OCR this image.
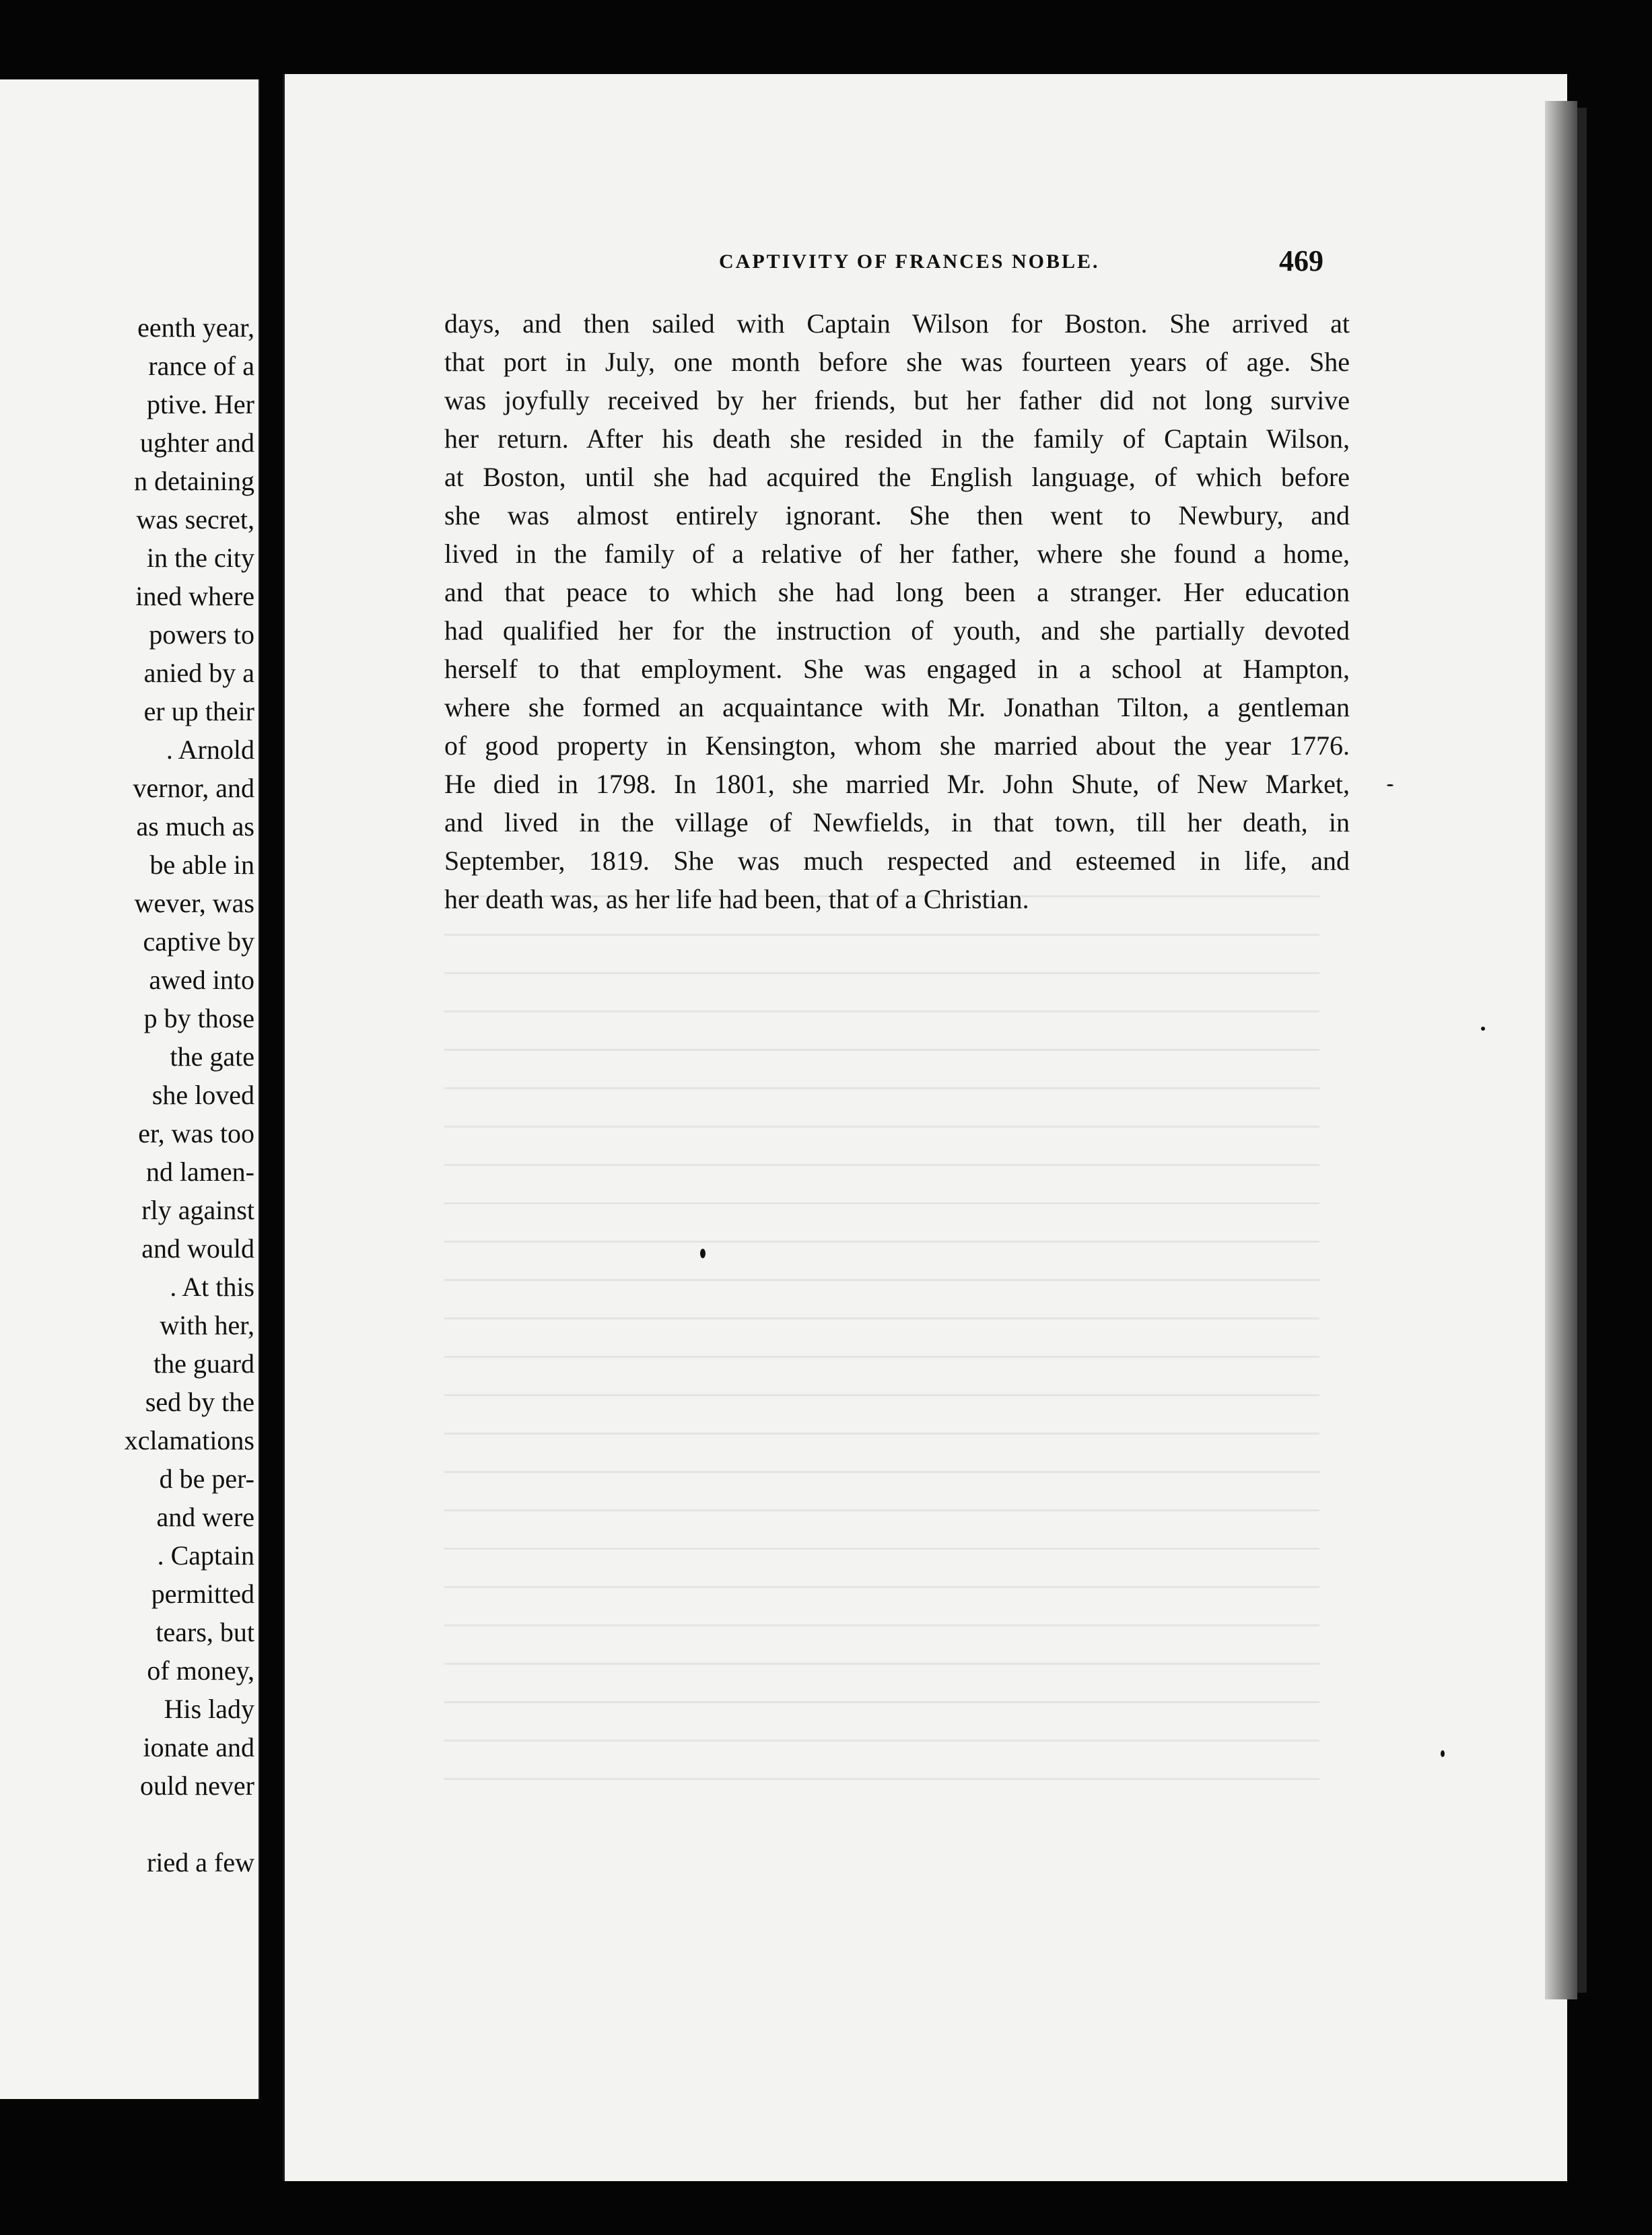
eenth year,
rance of a
ptive. Her
ughter and
n detaining
was secret,
in the city
ined where
powers to
anied by a
er up their
. Arnold
vernor, and
as much as
be able in
wever, was
captive by
awed into
p by those
the gate
she loved
er, was too
nd lamen-
rly against
and would
. At this
with her,
the guard
sed by the
xclamations
d be per-
and were
. Captain
permitted
tears, but
of money,
His lady
ionate and
ould never
ried a few
CAPTIVITY OF FRANCES NOBLE.	469
days, and then sailed with Captain Wilson for Boston. She arrived at
that port in July, one month before she was fourteen years of age. She
was joyfully received by her friends, but her father did not long survive
her return. After his death she resided in the family of Captain Wilson,
at Boston, until she had acquired the English language, of which before
she was almost entirely ignorant. She then went to Newbury, and
lived in the family of a relative of her father, where she found a home,
and that peace to which she had long been a stranger. Her education
had qualified her for the instruction of youth, and she partially devoted
herself to that employment. She was engaged in a school at Hampton,
where she formed an acquaintance with Mr. Jonathan Tilton, a gentleman
of good property in Kensington, whom she married about the year 1776.
He died in 1798. In 1801, she married Mr. John Shute, of New Market,
and lived in the village of Newfields, in that town, till her death, in
September, 1819. She was much respected and esteemed in life, and
her death was, as her life had been, that of a Christian.
